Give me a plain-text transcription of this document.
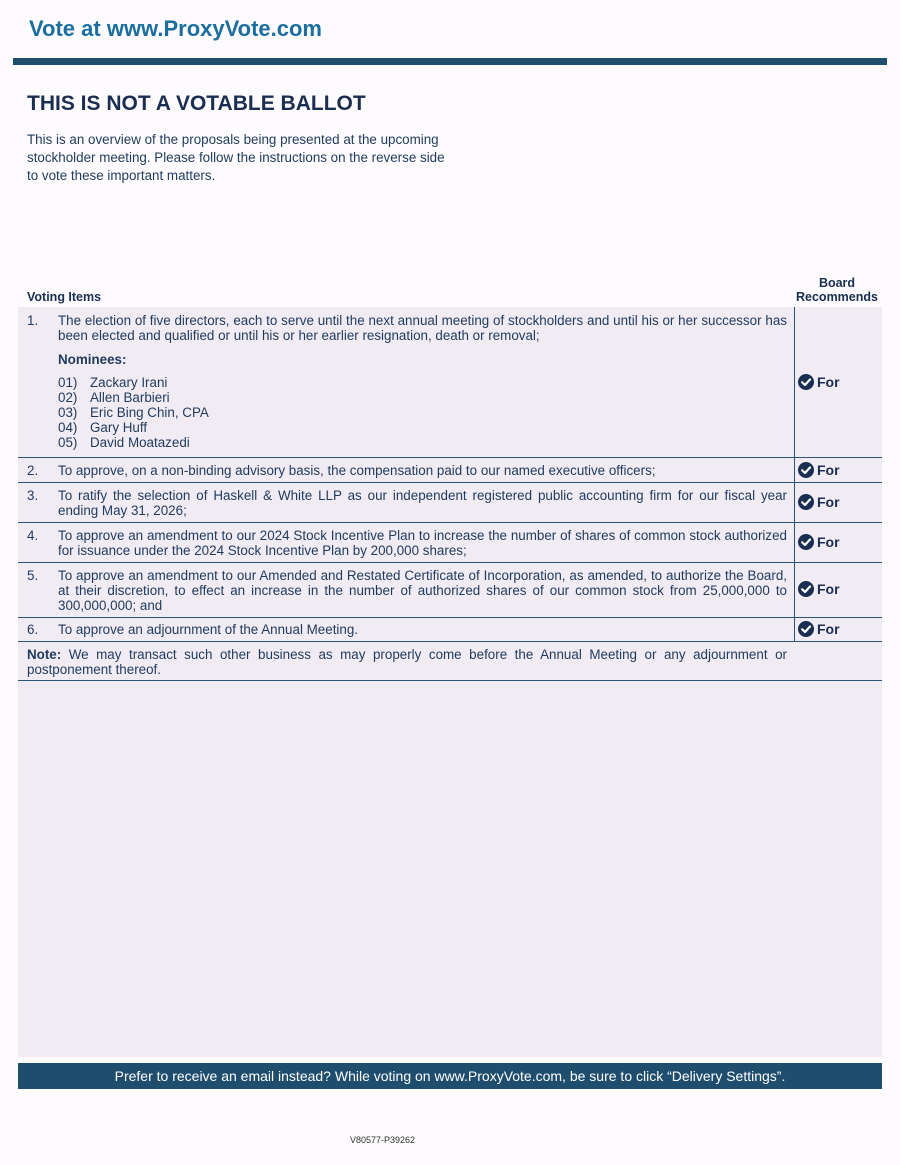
Vote at www.ProxyVote.com
THIS IS NOT A VOTABLE BALLOT
This is an overview of the proposals being presented at the upcoming stockholder meeting. Please follow the instructions on the reverse side to vote these important matters.
Voting Items
Board
Recommends
1. The election of five directors, each to serve until the next annual meeting of stockholders and until his or her successor has been elected and qualified or until his or her earlier resignation, death or removal;
Nominees:
01) Zackary Irani
02) Allen Barbieri
03) Eric Bing Chin, CPA
04) Gary Huff
05) David Moatazedi
For
2. To approve, on a non-binding advisory basis, the compensation paid to our named executive officers;	For
3. To ratify the selection of Haskell & White LLP as our independent registered public accounting firm for our fiscal year ending May 31, 2026;
For
4. To approve an amendment to our 2024 Stock Incentive Plan to increase the number of shares of common stock authorized for issuance under the 2024 Stock Incentive Plan by 200,000 shares;
For
5. To approve an amendment to our Amended and Restated Certificate of Incorporation, as amended, to authorize the Board, at their discretion, to effect an increase in the number of authorized shares of our common stock from 25,000,000 to 300,000,000; and
For
6. To approve an adjournment of the Annual Meeting.	For
Note: We may transact such other business as may properly come before the Annual Meeting or any adjournment or postponement thereof.
Prefer to receive an email instead? While voting on www.ProxyVote.com, be sure to click “Delivery Settings”.
V80577-P39262
